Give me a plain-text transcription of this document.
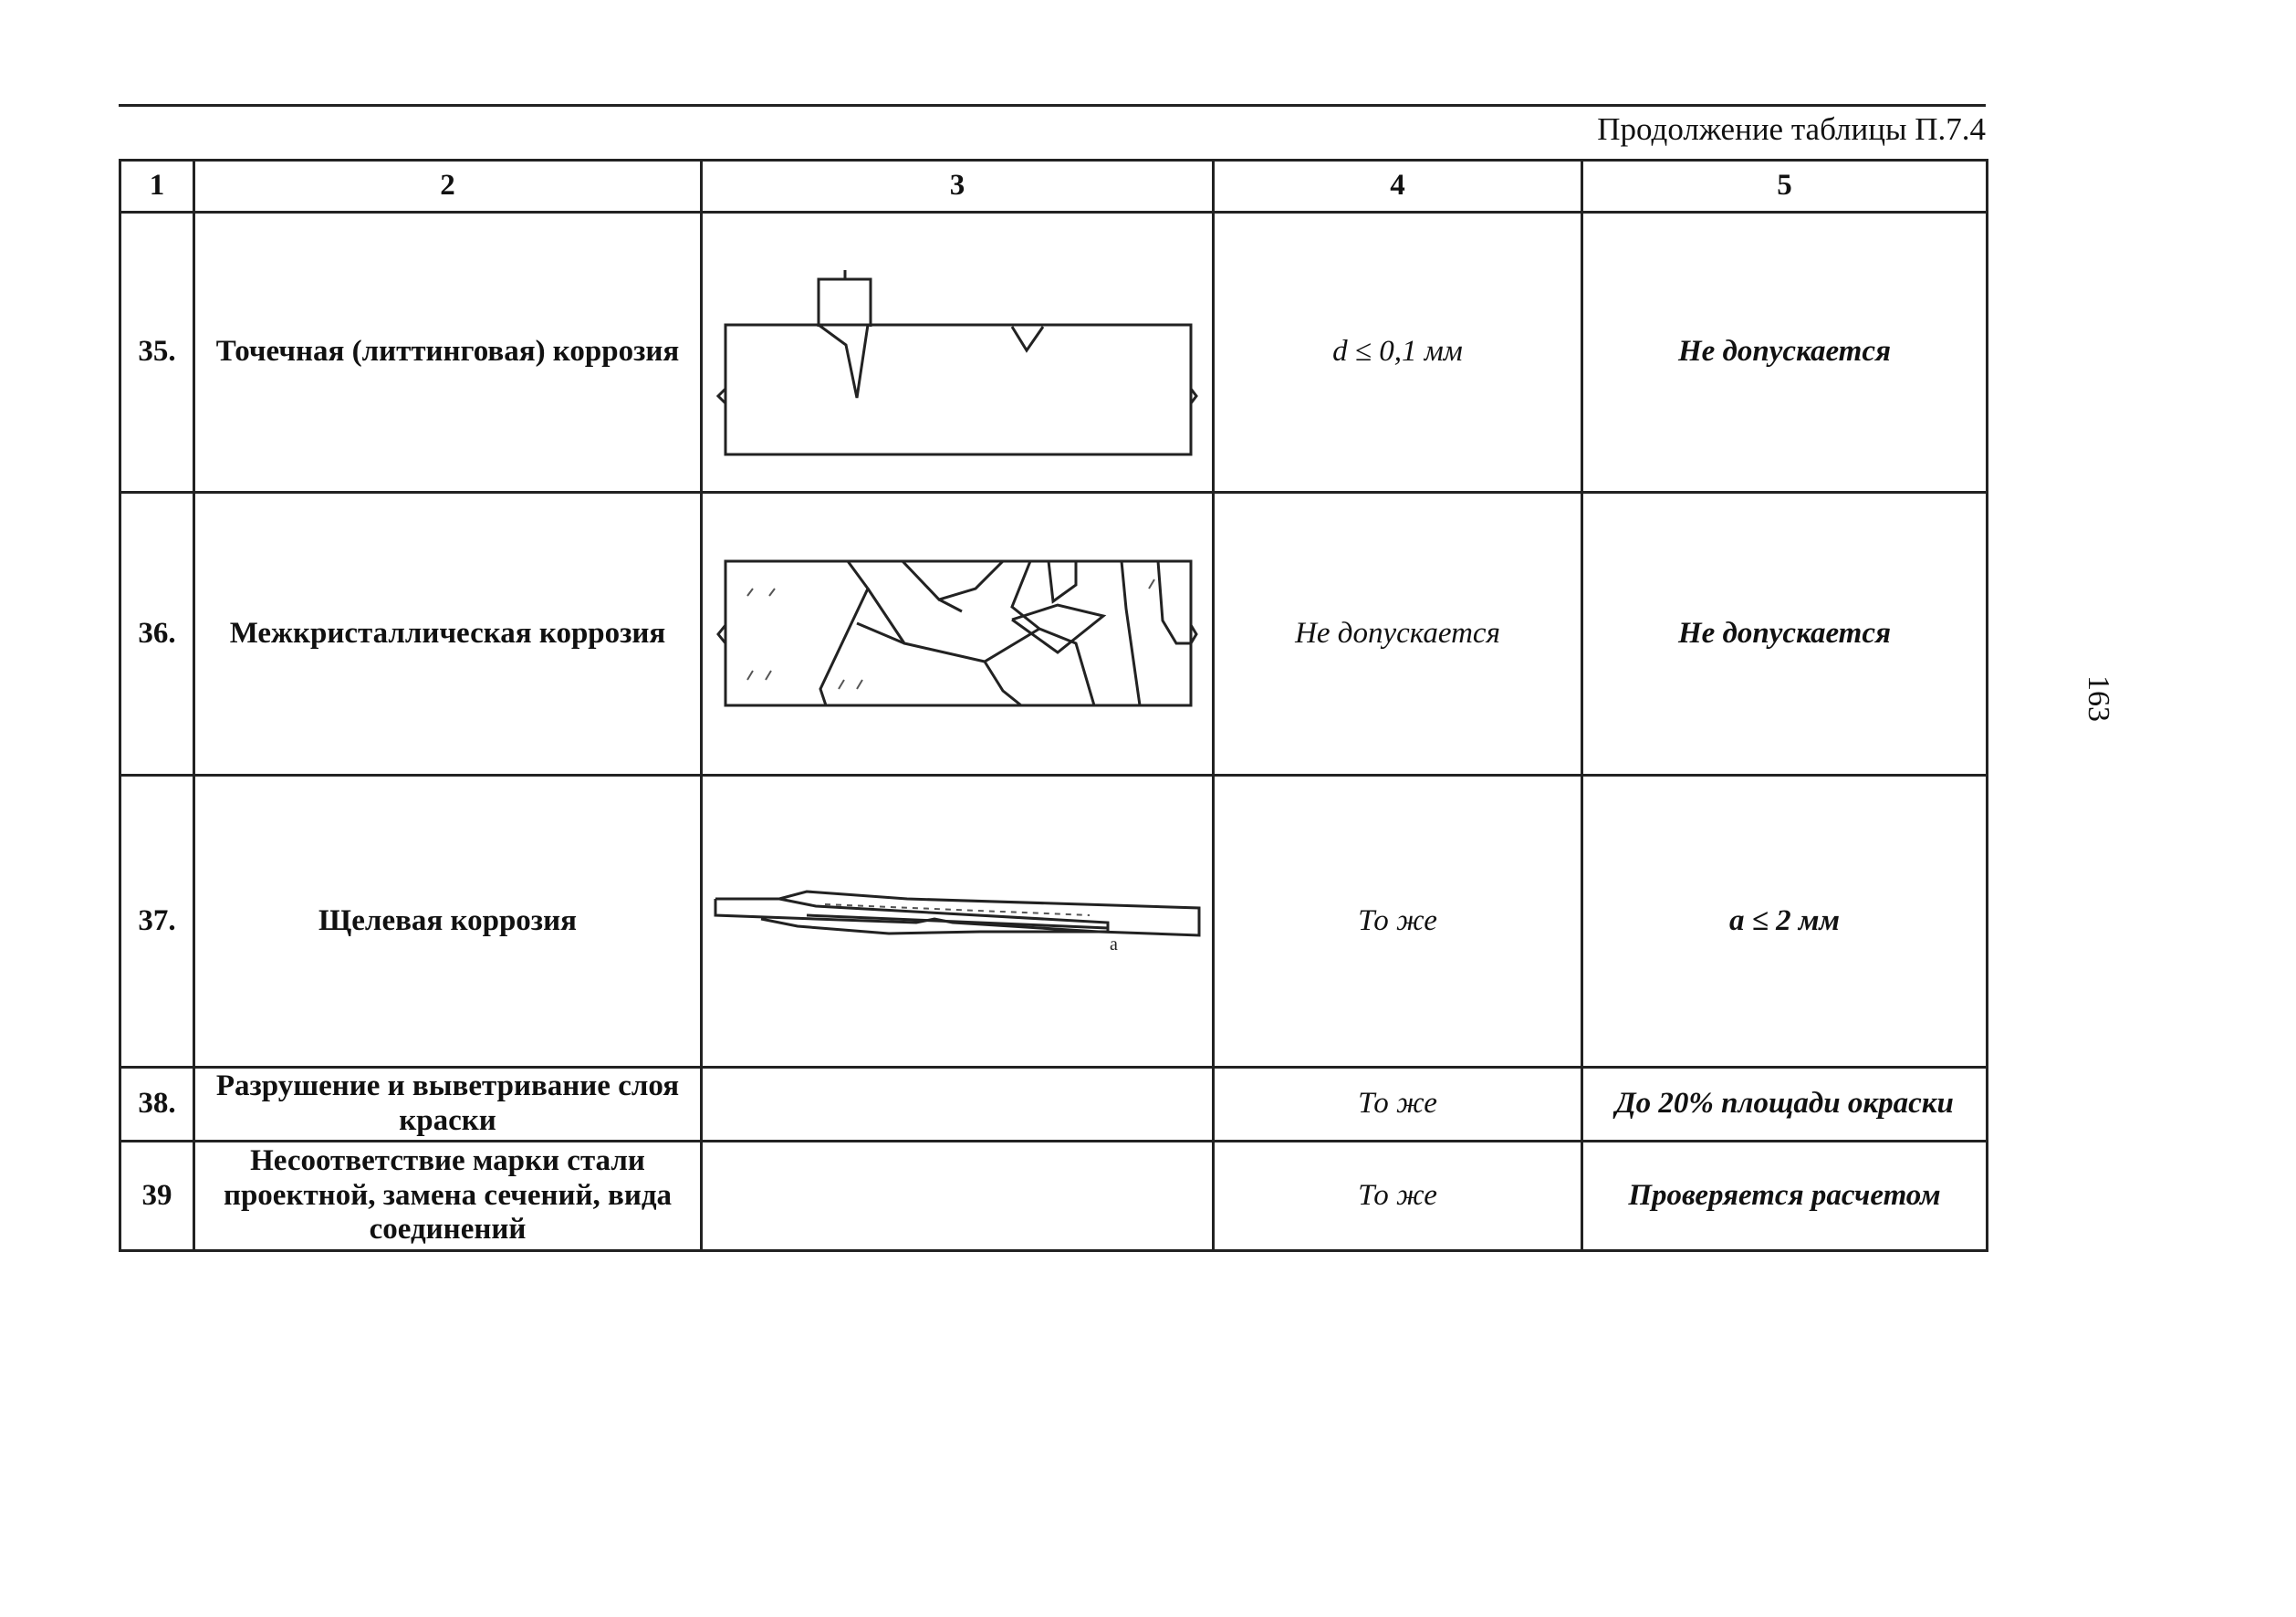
Продолжение таблицы П.7.4
163
1	2	3	4	5
35.	Точечная (литтинговая) коррозия		d ≤ 0,1 мм	Не допускается
36.	Межкристаллическая коррозия		Не допускается	Не допускается
37.	Щелевая коррозия	a	То же	a ≤ 2 мм
38.	Разрушение и выветривание слоя краски		То же	До 20% площади окраски
39	Несоответствие марки стали проектной, замена сечений, вида соединений		То же	Проверяется расчетом
